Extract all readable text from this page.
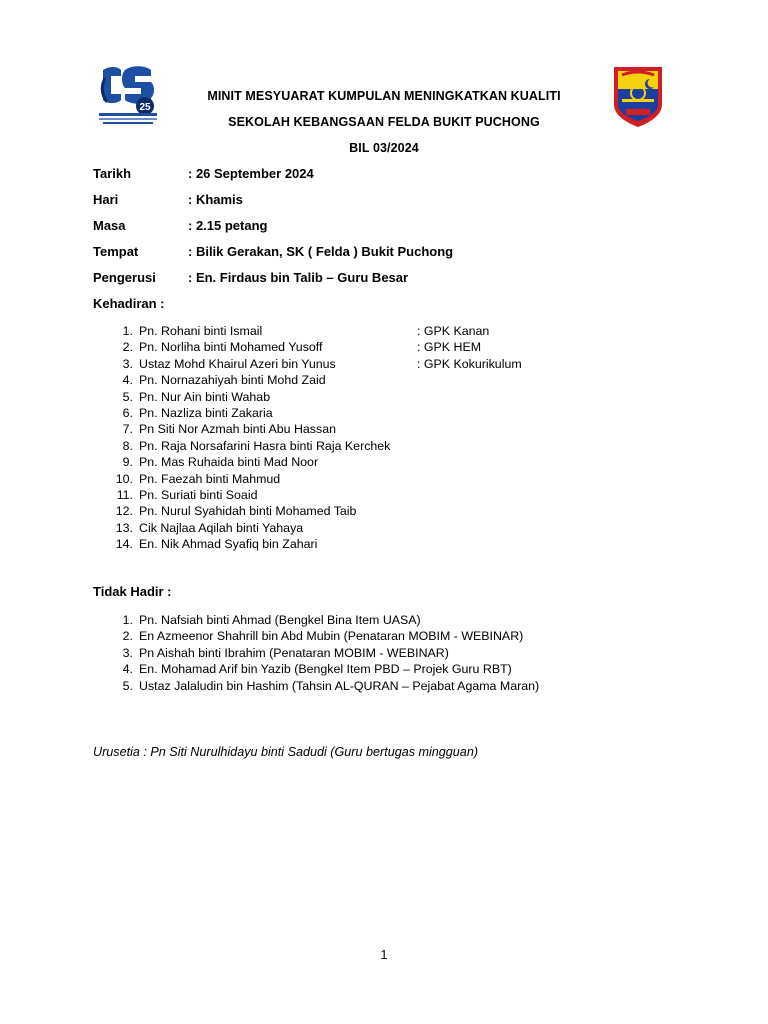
25
MINIT MESYUARAT KUMPULAN MENINGKATKAN KUALITI
SEKOLAH KEBANGSAAN FELDA BUKIT PUCHONG
BIL 03/2024
Tarikh	: 26 September 2024
Hari	: Khamis
Masa	: 2.15 petang
Tempat	: Bilik Gerakan, SK ( Felda ) Bukit Puchong
Pengerusi	: En. Firdaus bin Talib – Guru Besar
Kehadiran :
1. Pn. Rohani binti Ismail	: GPK Kanan
2. Pn. Norliha binti Mohamed Yusoff	: GPK HEM
3. Ustaz Mohd Khairul Azeri bin Yunus	: GPK Kokurikulum
4. Pn. Nornazahiyah binti Mohd Zaid
5. Pn. Nur Ain binti Wahab
6. Pn. Nazliza binti Zakaria
7. Pn Siti Nor Azmah binti Abu Hassan
8. Pn. Raja Norsafarini Hasra binti Raja Kerchek
9. Pn. Mas Ruhaida binti Mad Noor
10. Pn. Faezah binti Mahmud
11. Pn. Suriati binti Soaid
12. Pn. Nurul Syahidah binti Mohamed Taib
13. Cik Najlaa Aqilah binti Yahaya
14. En. Nik Ahmad Syafiq bin Zahari
Tidak Hadir :
1. Pn. Nafsiah binti Ahmad (Bengkel Bina Item UASA)
2. En Azmeenor Shahrill bin Abd Mubin (Penataran MOBIM - WEBINAR)
3. Pn Aishah binti Ibrahim (Penataran MOBIM - WEBINAR)
4. En. Mohamad Arif bin Yazib (Bengkel Item PBD – Projek Guru RBT)
5. Ustaz Jalaludin bin Hashim (Tahsin AL-QURAN – Pejabat Agama Maran)
Urusetia : Pn Siti Nurulhidayu binti Sadudi (Guru bertugas mingguan)
1
